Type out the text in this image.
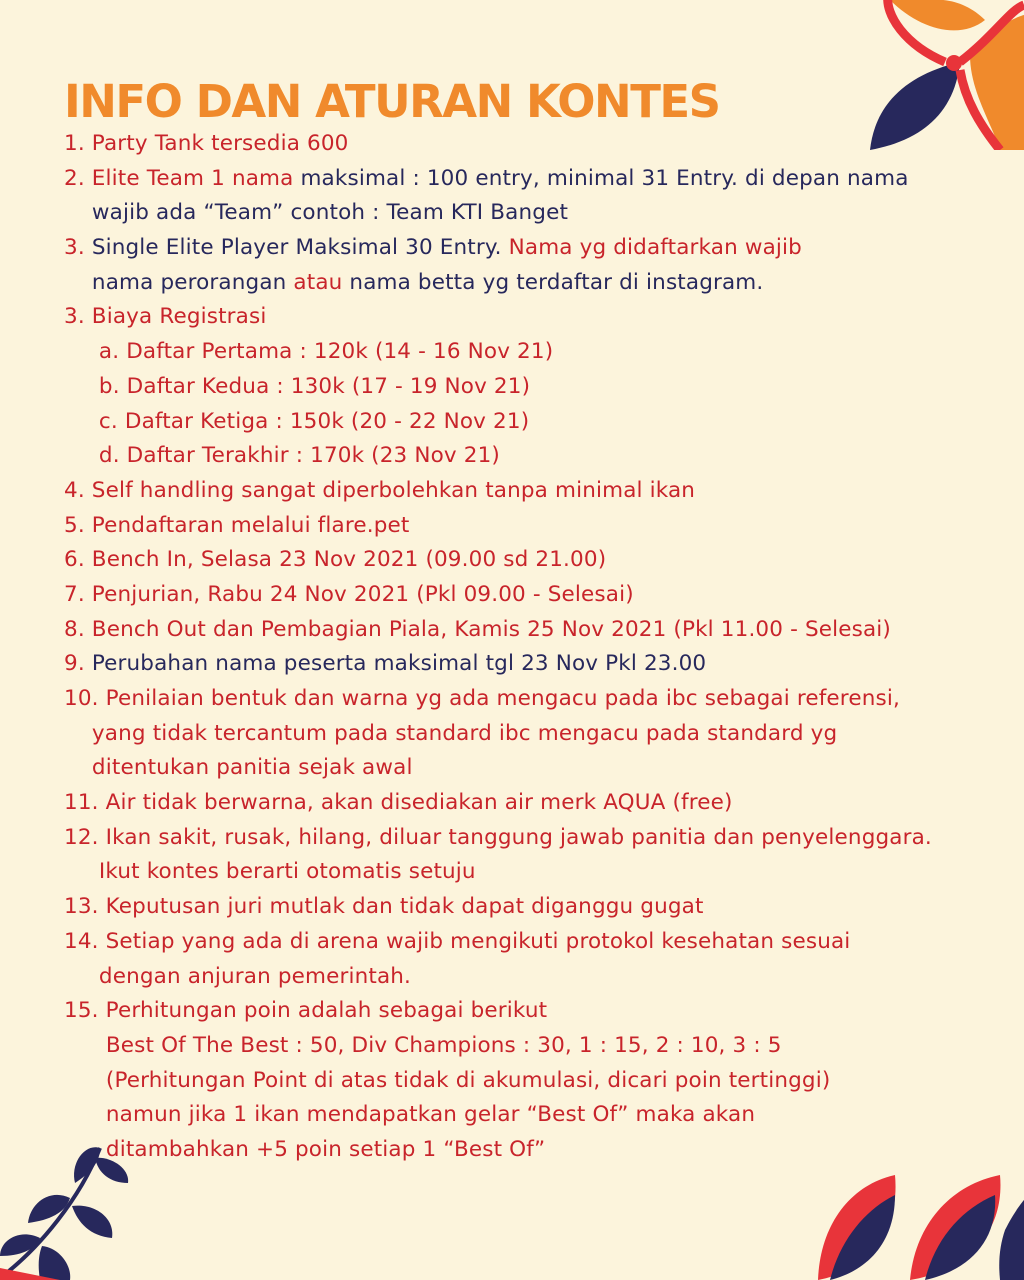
INFO DAN ATURAN KONTES
1. Party Tank tersedia 600
2. Elite Team 1 nama maksimal : 100 entry, minimal 31 Entry. di depan nama
wajib ada “Team” contoh : Team KTI Banget
3. Single Elite Player Maksimal 30 Entry. Nama yg didaftarkan wajib
nama perorangan atau nama betta yg terdaftar di instagram.
3. Biaya Registrasi
a. Daftar Pertama : 120k (14 - 16 Nov 21)
b. Daftar Kedua : 130k (17 - 19 Nov 21)
c. Daftar Ketiga : 150k (20 - 22 Nov 21)
d. Daftar Terakhir : 170k (23 Nov 21)
4. Self handling sangat diperbolehkan tanpa minimal ikan
5. Pendaftaran melalui flare.pet
6. Bench In, Selasa 23 Nov 2021 (09.00 sd 21.00)
7. Penjurian, Rabu 24 Nov 2021 (Pkl 09.00 - Selesai)
8. Bench Out dan Pembagian Piala, Kamis 25 Nov 2021 (Pkl 11.00 - Selesai)
9. Perubahan nama peserta maksimal tgl 23 Nov Pkl 23.00
10. Penilaian bentuk dan warna yg ada mengacu pada ibc sebagai referensi,
yang tidak tercantum pada standard ibc mengacu pada standard yg
ditentukan panitia sejak awal
11. Air tidak berwarna, akan disediakan air merk AQUA (free)
12. Ikan sakit, rusak, hilang, diluar tanggung jawab panitia dan penyelenggara.
Ikut kontes berarti otomatis setuju
13. Keputusan juri mutlak dan tidak dapat diganggu gugat
14. Setiap yang ada di arena wajib mengikuti protokol kesehatan sesuai
dengan anjuran pemerintah.
15. Perhitungan poin adalah sebagai berikut
Best Of The Best : 50, Div Champions : 30, 1 : 15, 2 : 10, 3 : 5
(Perhitungan Point di atas tidak di akumulasi, dicari poin tertinggi)
namun jika 1 ikan mendapatkan gelar “Best Of” maka akan
ditambahkan +5 poin setiap 1 “Best Of”
